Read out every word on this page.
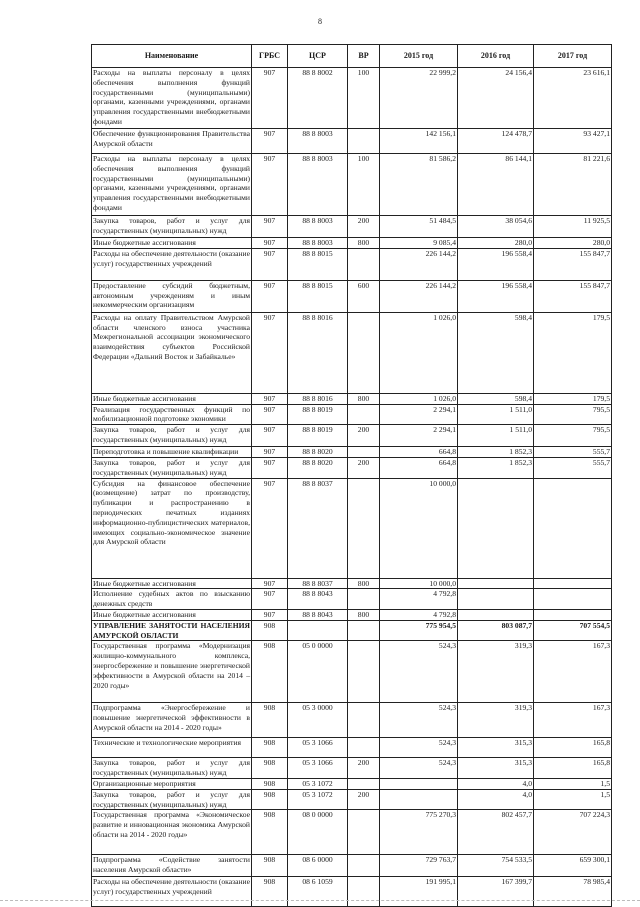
8
Наименование	ГРБС	ЦСР	ВР	2015 год	2016 год	2017 год
Расходы на выплаты персоналу в целях обеспечения выполнения функций государственными (муниципальными) органами, казенными учреждениями, органами управления государственными внебюджетными фондами	907	88 8 8002	100	22 999,2	24 156,4	23 616,1
Обеспечение функционирования Правительства Амурской области	907	88 8 8003		142 156,1	124 478,7	93 427,1
Расходы на выплаты персоналу в целях обеспечения выполнения функций государственными (муниципальными) органами, казенными учреждениями, органами управления государственными внебюджетными фондами	907	88 8 8003	100	81 586,2	86 144,1	81 221,6
Закупка товаров, работ и услуг для государственных (муниципальных) нужд	907	88 8 8003	200	51 484,5	38 054,6	11 925,5
Иные бюджетные ассигнования	907	88 8 8003	800	9 085,4	280,0	280,0
Расходы на обеспечение деятельности (оказание услуг) государственных учреждений	907	88 8 8015		226 144,2	196 558,4	155 847,7
Предоставление субсидий бюджетным, автономным учреждениям и иным некоммерческим организациям	907	88 8 8015	600	226 144,2	196 558,4	155 847,7
Расходы на оплату Правительством Амурской области членского взноса участника Межрегиональной ассоциации экономического взаимодействия субъектов Российской Федерации «Дальний Восток и Забайкалье»	907	88 8 8016		1 026,0	598,4	179,5
Иные бюджетные ассигнования	907	88 8 8016	800	1 026,0	598,4	179,5
Реализация государственных функций по мобилизационной подготовке экономики	907	88 8 8019		2 294,1	1 511,0	795,5
Закупка товаров, работ и услуг для государственных (муниципальных) нужд	907	88 8 8019	200	2 294,1	1 511,0	795,5
Переподготовка и повышение квалификации	907	88 8 8020		664,8	1 852,3	555,7
Закупка товаров, работ и услуг для государственных (муниципальных) нужд	907	88 8 8020	200	664,8	1 852,3	555,7
Субсидия на финансовое обеспечение (возмещение) затрат по производству, публикации и распространению в периодических печатных изданиях информационно-публицистических материалов, имеющих социально-экономическое значение для Амурской области	907	88 8 8037		10 000,0		
Иные бюджетные ассигнования	907	88 8 8037	800	10 000,0		
Исполнение судебных актов по взысканию денежных средств	907	88 8 8043		4 792,8		
Иные бюджетные ассигнования	907	88 8 8043	800	4 792,8		
УПРАВЛЕНИЕ ЗАНЯТОСТИ НАСЕЛЕНИЯ АМУРСКОЙ ОБЛАСТИ	908			775 954,5	803 087,7	707 554,5
Государственная программа «Модернизация жилищно-коммунального комплекса, энергосбережение и повышение энергетической эффективности в Амурской области на 2014 – 2020 годы»	908	05 0 0000		524,3	319,3	167,3
Подпрограмма «Энергосбережение и повышение энергетической эффективности в Амурской области на 2014 - 2020 годы»	908	05 3 0000		524,3	319,3	167,3
Технические и технологические мероприятия	908	05 3 1066		524,3	315,3	165,8
Закупка товаров, работ и услуг для государственных (муниципальных) нужд	908	05 3 1066	200	524,3	315,3	165,8
Организационные мероприятия	908	05 3 1072			4,0	1,5
Закупка товаров, работ и услуг для государственных (муниципальных) нужд	908	05 3 1072	200		4,0	1,5
Государственная программа «Экономическое развитие и инновационная экономика Амурской области на 2014 - 2020 годы»	908	08 0 0000		775 270,3	802 457,7	707 224,3
Подпрограмма «Содействие занятости населения Амурской области»	908	08 6 0000		729 763,7	754 533,5	659 300,1
Расходы на обеспечение деятельности (оказание услуг) государственных учреждений	908	08 6 1059		191 995,1	167 399,7	78 985,4
